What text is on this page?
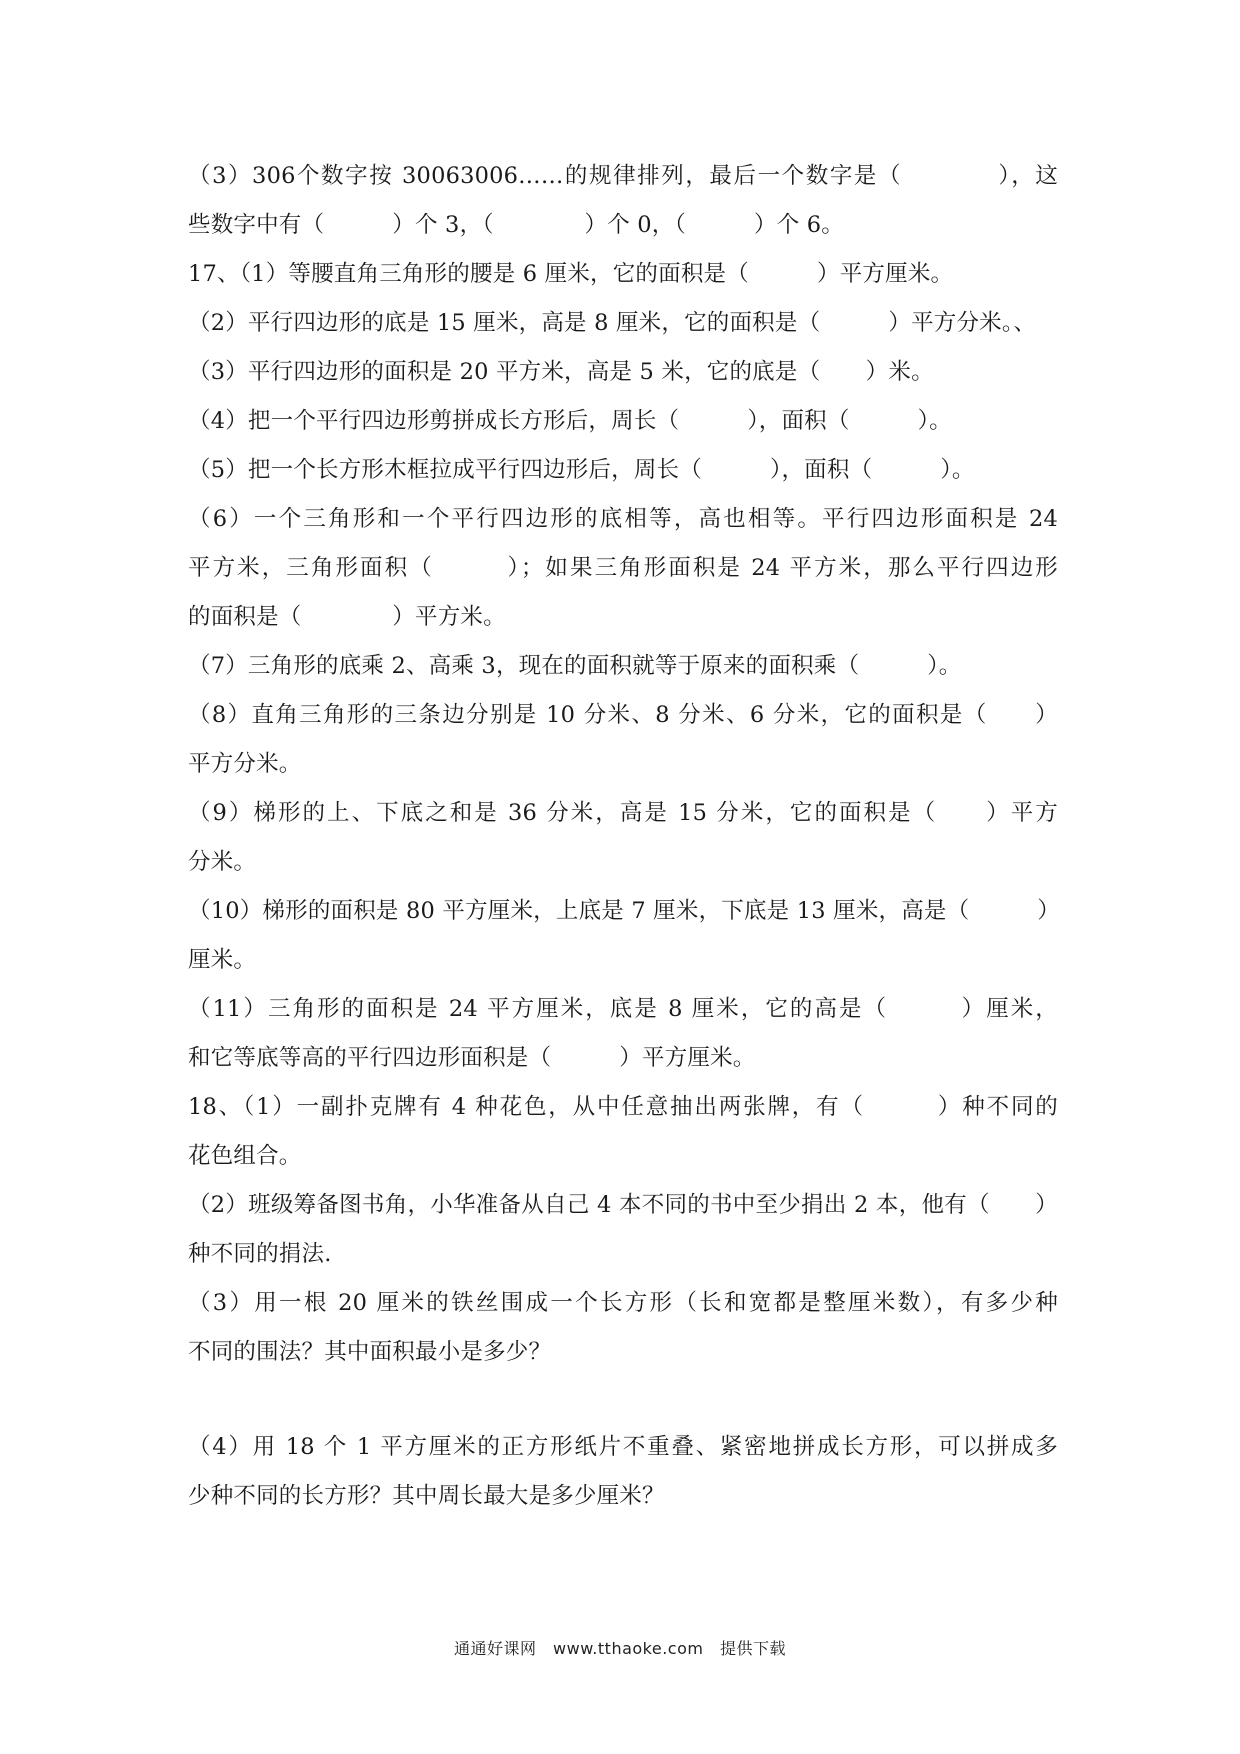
（3）306个数字按 30063006……的规律排列，最后一个数字是（　　　　），这
些数字中有（　　　）个 3，（　　　　）个 0，（　　　）个 6。
17、（1）等腰直角三角形的腰是 6 厘米，它的面积是（　　　）平方厘米。
（2）平行四边形的底是 15 厘米，高是 8 厘米，它的面积是（　　　）平方分米。、
（3）平行四边形的面积是 20 平方米，高是 5 米，它的底是（　　）米。
（4）把一个平行四边形剪拼成长方形后，周长（　　　），面积（　　　）。
（5）把一个长方形木框拉成平行四边形后，周长（　　　），面积（　　　）。
（6）一个三角形和一个平行四边形的底相等，高也相等。平行四边形面积是 24
平方米，三角形面积（　　　）；如果三角形面积是 24 平方米，那么平行四边形
的面积是（　　　　）平方米。
（7）三角形的底乘 2、高乘 3，现在的面积就等于原来的面积乘（　　　）。
（8）直角三角形的三条边分别是 10 分米、8 分米、6 分米，它的面积是（　　）
平方分米。
（9）梯形的上、下底之和是 36 分米，高是 15 分米，它的面积是（　　）平方
分米。
（10）梯形的面积是 80 平方厘米，上底是 7 厘米，下底是 13 厘米，高是（　　　）
厘米。
（11）三角形的面积是 24 平方厘米，底是 8 厘米，它的高是（　　　）厘米，
和它等底等高的平行四边形面积是（　　　）平方厘米。
18、（1）一副扑克牌有 4 种花色，从中任意抽出两张牌，有（　　　）种不同的
花色组合。
（2）班级筹备图书角，小华准备从自己 4 本不同的书中至少捐出 2 本，他有（　　）
种不同的捐法.
（3）用一根 20 厘米的铁丝围成一个长方形（长和宽都是整厘米数），有多少种
不同的围法？其中面积最小是多少？
（4）用 18 个 1 平方厘米的正方形纸片不重叠、紧密地拼成长方形，可以拼成多
少种不同的长方形？其中周长最大是多少厘米？
通通好课网　www.tthaoke.com　提供下载
